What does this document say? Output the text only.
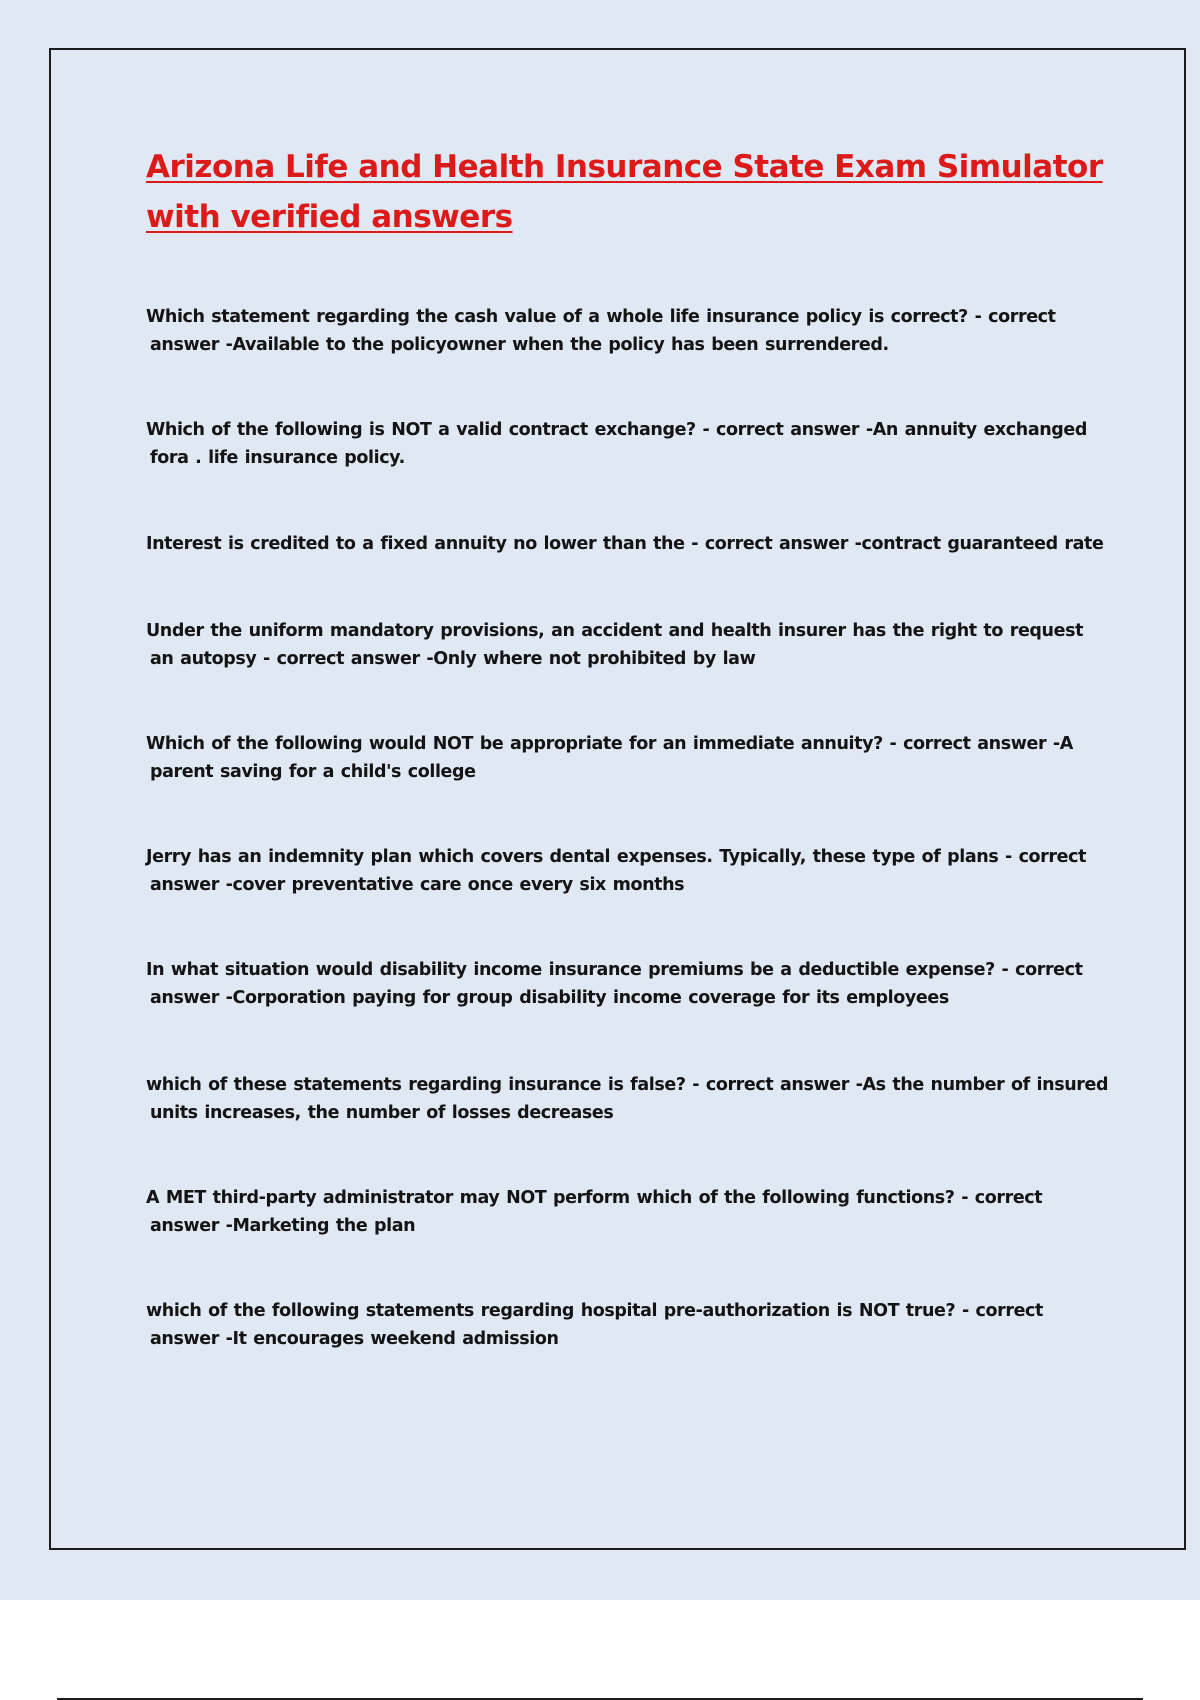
Arizona Life and Health Insurance State Exam Simulator
with verified answers
Which statement regarding the cash value of a whole life insurance policy is correct? - correct
answer -Available to the policyowner when the policy has been surrendered.
Which of the following is NOT a valid contract exchange? - correct answer -An annuity exchanged
fora . life insurance policy.
Interest is credited to a fixed annuity no lower than the - correct answer -contract guaranteed rate
Under the uniform mandatory provisions, an accident and health insurer has the right to request
an autopsy - correct answer -Only where not prohibited by law
Which of the following would NOT be appropriate for an immediate annuity? - correct answer -A
parent saving for a child's college
Jerry has an indemnity plan which covers dental expenses. Typically, these type of plans - correct
answer -cover preventative care once every six months
In what situation would disability income insurance premiums be a deductible expense? - correct
answer -Corporation paying for group disability income coverage for its employees
which of these statements regarding insurance is false? - correct answer -As the number of insured
units increases, the number of losses decreases
A MET third-party administrator may NOT perform which of the following functions? - correct
answer -Marketing the plan
which of the following statements regarding hospital pre-authorization is NOT true? - correct
answer -It encourages weekend admission
